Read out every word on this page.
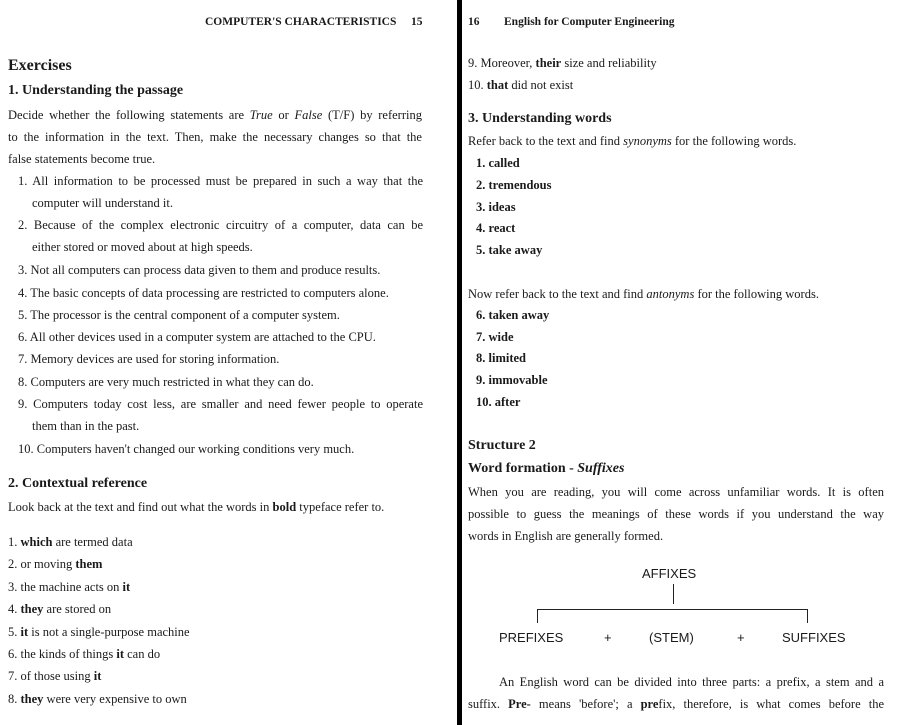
COMPUTER'S CHARACTERISTICS 15
Exercises
1. Understanding the passage
Decide whether the following statements are True or False (T/F) by referring
to the information in the text. Then, make the necessary changes so that the
false statements become true.
1. All information to be processed must be prepared in such a way that the
computer will understand it.
2. Because of the complex electronic circuitry of a computer, data can be
either stored or moved about at high speeds.
3. Not all computers can process data given to them and produce results.
4. The basic concepts of data processing are restricted to computers alone.
5. The processor is the central component of a computer system.
6. All other devices used in a computer system are attached to the CPU.
7. Memory devices are used for storing information.
8. Computers are very much restricted in what they can do.
9. Computers today cost less, are smaller and need fewer people to operate
them than in the past.
10. Computers haven't changed our working conditions very much.
2. Contextual reference
Look back at the text and find out what the words in bold typeface refer to.
1. which are termed data
2. or moving them
3. the machine acts on it
4. they are stored on
5. it is not a single-purpose machine
6. the kinds of things it can do
7. of those using it
8. they were very expensive to own
16 English for Computer Engineering
9. Moreover, their size and reliability
10. that did not exist
3. Understanding words
Refer back to the text and find synonyms for the following words.
1. called
2. tremendous
3. ideas
4. react
5. take away
Now refer back to the text and find antonyms for the following words.
6. taken away
7. wide
8. limited
9. immovable
10. after
Structure 2
Word formation - Suffixes
When you are reading, you will come across unfamiliar words. It is often
possible to guess the meanings of these words if you understand the way
words in English are generally formed.
AFFIXES
PREFIXES	+	(STEM)	+	SUFFIXES
An English word can be divided into three parts: a prefix, a stem and a
suffix. Pre- means 'before'; a prefix, therefore, is what comes before the
